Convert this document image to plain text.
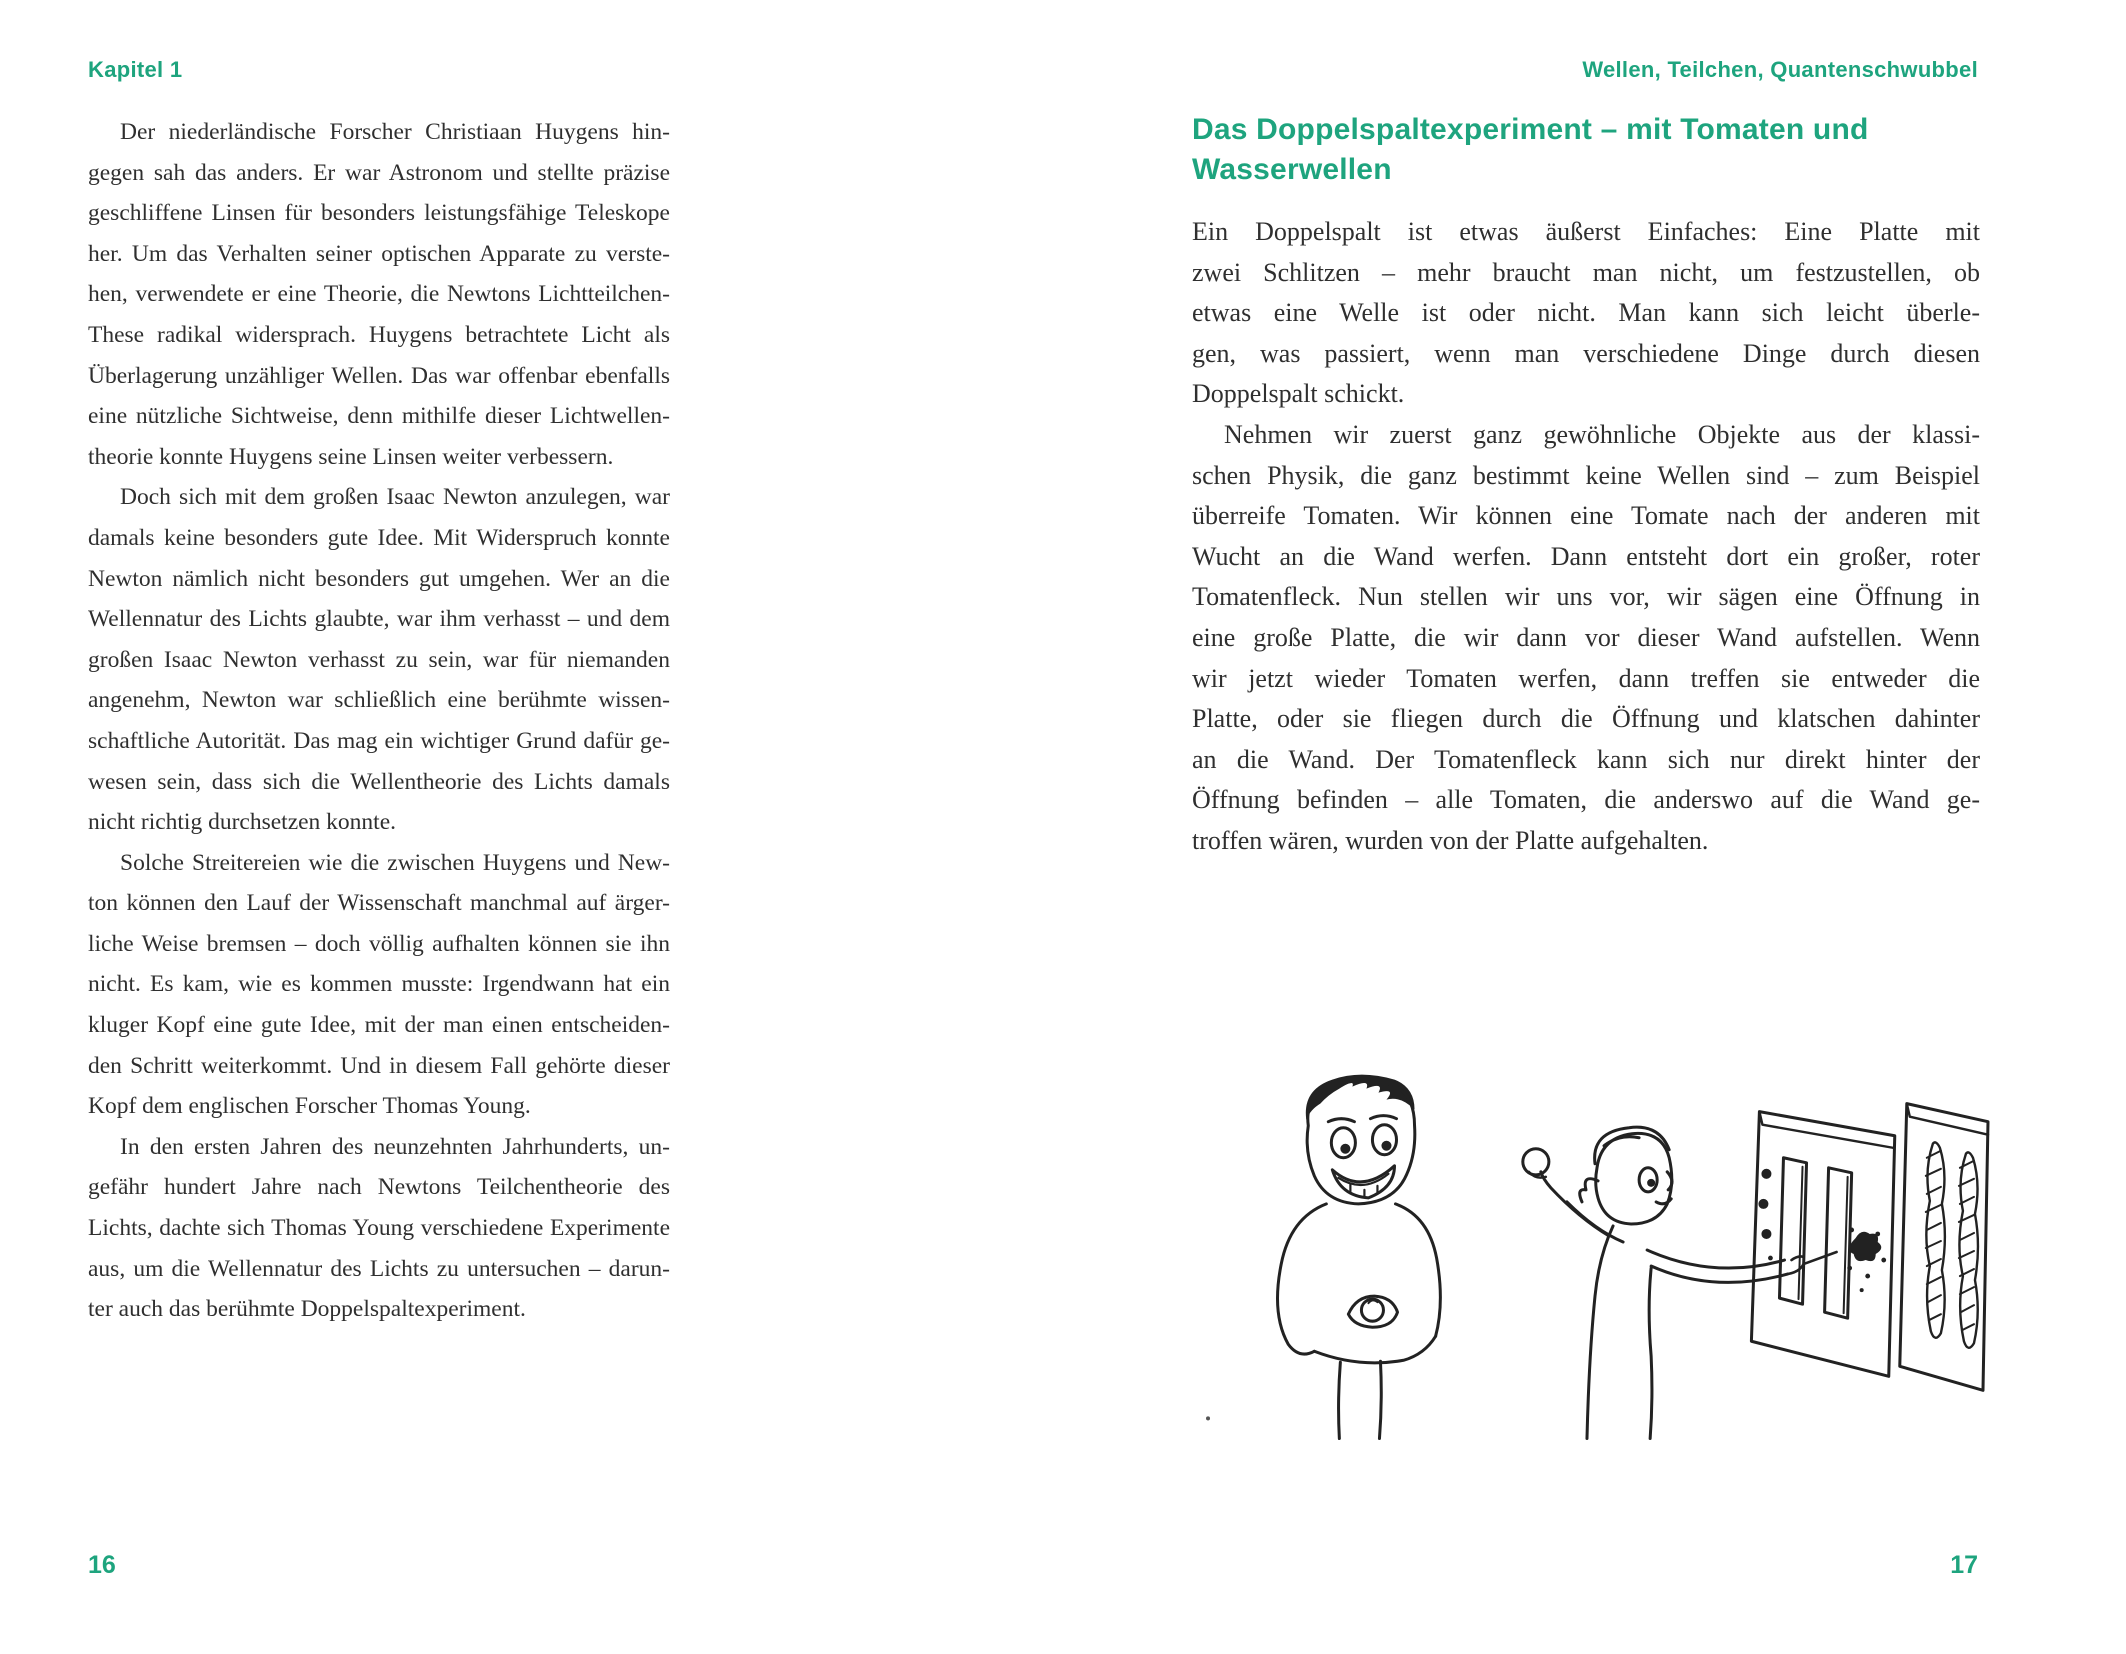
Kapitel 1
Der niederländische Forscher Christiaan Huygens hin-
gegen sah das anders. Er war Astronom und stellte präzise
geschliffene Linsen für besonders leistungsfähige Teleskope
her. Um das Verhalten seiner optischen Apparate zu verste-
hen, verwendete er eine Theorie, die Newtons Lichtteilchen-
These radikal widersprach. Huygens betrachtete Licht als
Überlagerung unzähliger Wellen. Das war offenbar ebenfalls
eine nützliche Sichtweise, denn mithilfe dieser Lichtwellen-
theorie konnte Huygens seine Linsen weiter verbessern.
Doch sich mit dem großen Isaac Newton anzulegen, war
damals keine besonders gute Idee. Mit Widerspruch konnte
Newton nämlich nicht besonders gut umgehen. Wer an die
Wellennatur des Lichts glaubte, war ihm verhasst – und dem
großen Isaac Newton verhasst zu sein, war für niemanden
angenehm, Newton war schließlich eine berühmte wissen-
schaftliche Autorität. Das mag ein wichtiger Grund dafür ge-
wesen sein, dass sich die Wellentheorie des Lichts damals
nicht richtig durchsetzen konnte.
Solche Streitereien wie die zwischen Huygens und New-
ton können den Lauf der Wissenschaft manchmal auf ärger-
liche Weise bremsen – doch völlig aufhalten können sie ihn
nicht. Es kam, wie es kommen musste: Irgendwann hat ein
kluger Kopf eine gute Idee, mit der man einen entscheiden-
den Schritt weiterkommt. Und in diesem Fall gehörte dieser
Kopf dem englischen Forscher Thomas Young.
In den ersten Jahren des neunzehnten Jahrhunderts, un-
gefähr hundert Jahre nach Newtons Teilchentheorie des
Lichts, dachte sich Thomas Young verschiedene Experimente
aus, um die Wellennatur des Lichts zu untersuchen – darun-
ter auch das berühmte Doppelspaltexperiment.
16
Wellen, Teilchen, Quantenschwubbel
Das Doppelspaltexperiment – mit Tomaten und
Wasserwellen
Ein Doppelspalt ist etwas äußerst Einfaches: Eine Platte mit
zwei Schlitzen – mehr braucht man nicht, um festzustellen, ob
etwas eine Welle ist oder nicht. Man kann sich leicht überle-
gen, was passiert, wenn man verschiedene Dinge durch diesen
Doppelspalt schickt.
Nehmen wir zuerst ganz gewöhnliche Objekte aus der klassi-
schen Physik, die ganz bestimmt keine Wellen sind – zum Beispiel
überreife Tomaten. Wir können eine Tomate nach der anderen mit
Wucht an die Wand werfen. Dann entsteht dort ein großer, roter
Tomatenfleck. Nun stellen wir uns vor, wir sägen eine Öffnung in
eine große Platte, die wir dann vor dieser Wand aufstellen. Wenn
wir jetzt wieder Tomaten werfen, dann treffen sie entweder die
Platte, oder sie fliegen durch die Öffnung und klatschen dahinter
an die Wand. Der Tomatenfleck kann sich nur direkt hinter der
Öffnung befinden – alle Tomaten, die anderswo auf die Wand ge-
troffen wären, wurden von der Platte aufgehalten.
17
